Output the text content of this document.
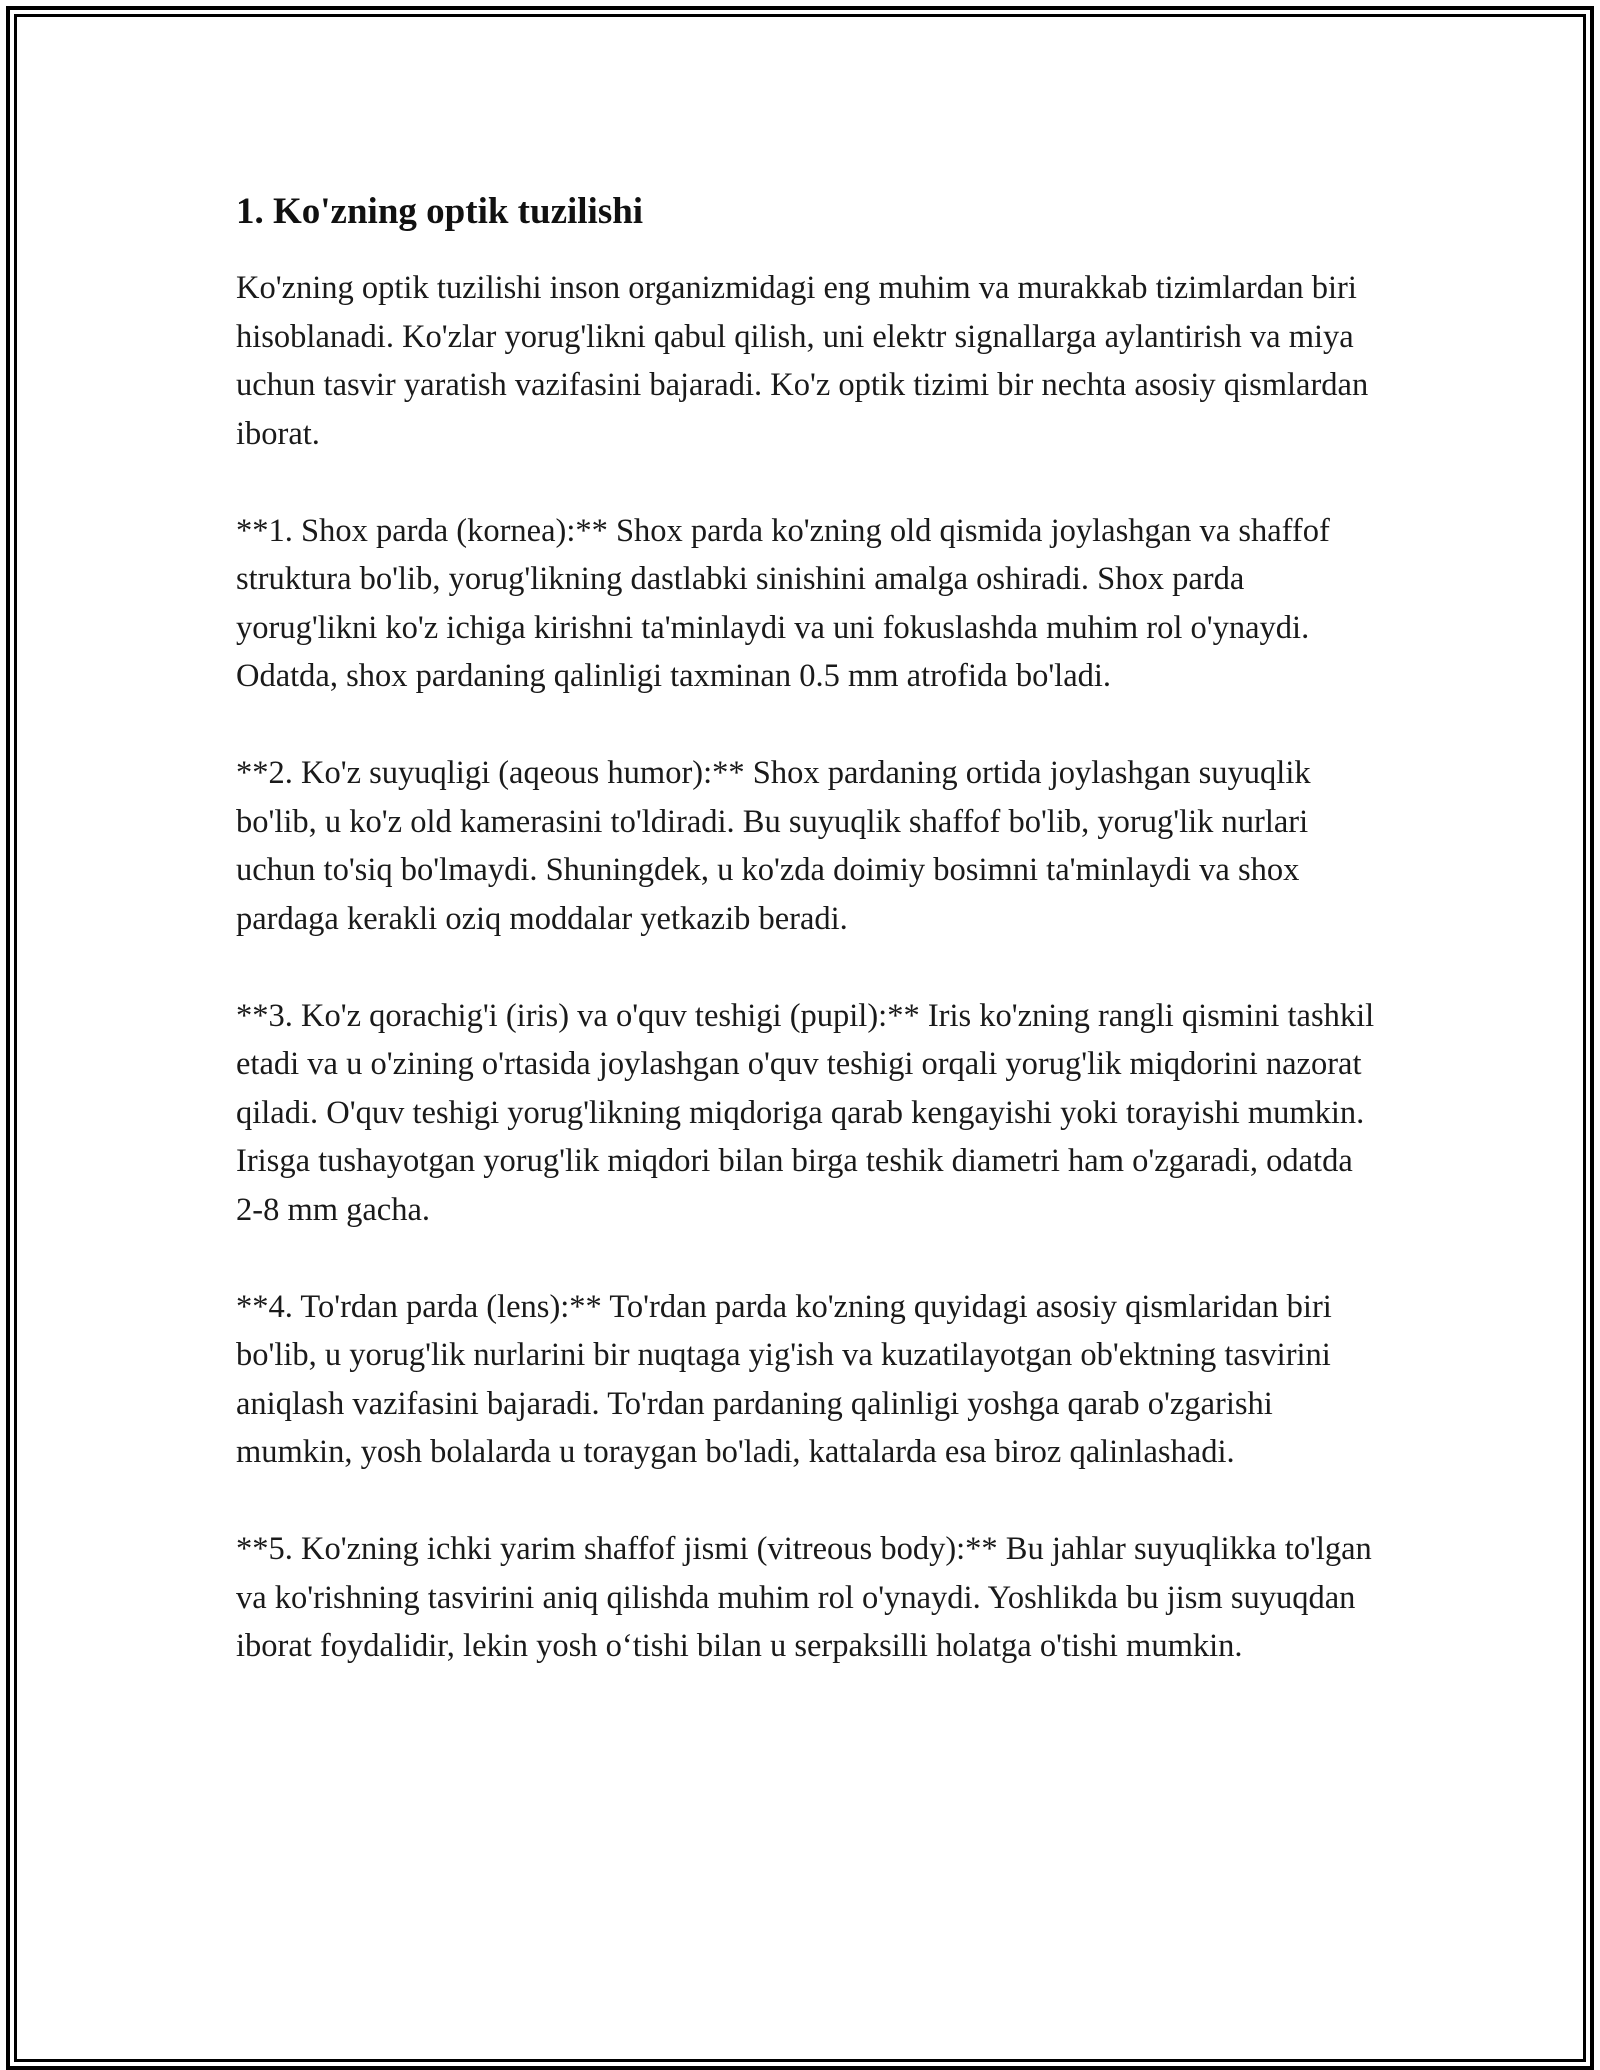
1. Ko'zning optik tuzilishi

Ko'zning optik tuzilishi inson organizmidagi eng muhim va murakkab tizimlardan biri hisoblanadi. Ko'zlar yorug'likni qabul qilish, uni elektr signallarga aylantirish va miya uchun tasvir yaratish vazifasini bajaradi. Ko'z optik tizimi bir nechta asosiy qismlardan iborat.

**1. Shox parda (kornea):** Shox parda ko'zning old qismida joylashgan va shaffof struktura bo'lib, yorug'likning dastlabki sinishini amalga oshiradi. Shox parda yorug'likni ko'z ichiga kirishni ta'minlaydi va uni fokuslashda muhim rol o'ynaydi. Odatda, shox pardaning qalinligi taxminan 0.5 mm atrofida bo'ladi.

**2. Ko'z suyuqligi (aqeous humor):** Shox pardaning ortida joylashgan suyuqlik bo'lib, u ko'z old kamerasini to'ldiradi. Bu suyuqlik shaffof bo'lib, yorug'lik nurlari uchun to'siq bo'lmaydi. Shuningdek, u ko'zda doimiy bosimni ta'minlaydi va shox pardaga kerakli oziq moddalar yetkazib beradi.

**3. Ko'z qorachig'i (iris) va o'quv teshigi (pupil):** Iris ko'zning rangli qismini tashkil etadi va u o'zining o'rtasida joylashgan o'quv teshigi orqali yorug'lik miqdorini nazorat qiladi. O'quv teshigi yorug'likning miqdoriga qarab kengayishi yoki torayishi mumkin. Irisga tushayotgan yorug'lik miqdori bilan birga teshik diametri ham o'zgaradi, odatda 2-8 mm gacha.

**4. To'rdan parda (lens):** To'rdan parda ko'zning quyidagi asosiy qismlaridan biri bo'lib, u yorug'lik nurlarini bir nuqtaga yig'ish va kuzatilayotgan ob'ektning tasvirini aniqlash vazifasini bajaradi. To'rdan pardaning qalinligi yoshga qarab o'zgarishi mumkin, yosh bolalarda u toraygan bo'ladi, kattalarda esa biroz qalinlashadi.

**5. Ko'zning ichki yarim shaffof jismi (vitreous body):** Bu jahlar suyuqlikka to'lgan va ko'rishning tasvirini aniq qilishda muhim rol o'ynaydi. Yoshlikda bu jism suyuqdan iborat foydalidir, lekin yosh o‘tishi bilan u serpaksilli holatga o'tishi mumkin.
